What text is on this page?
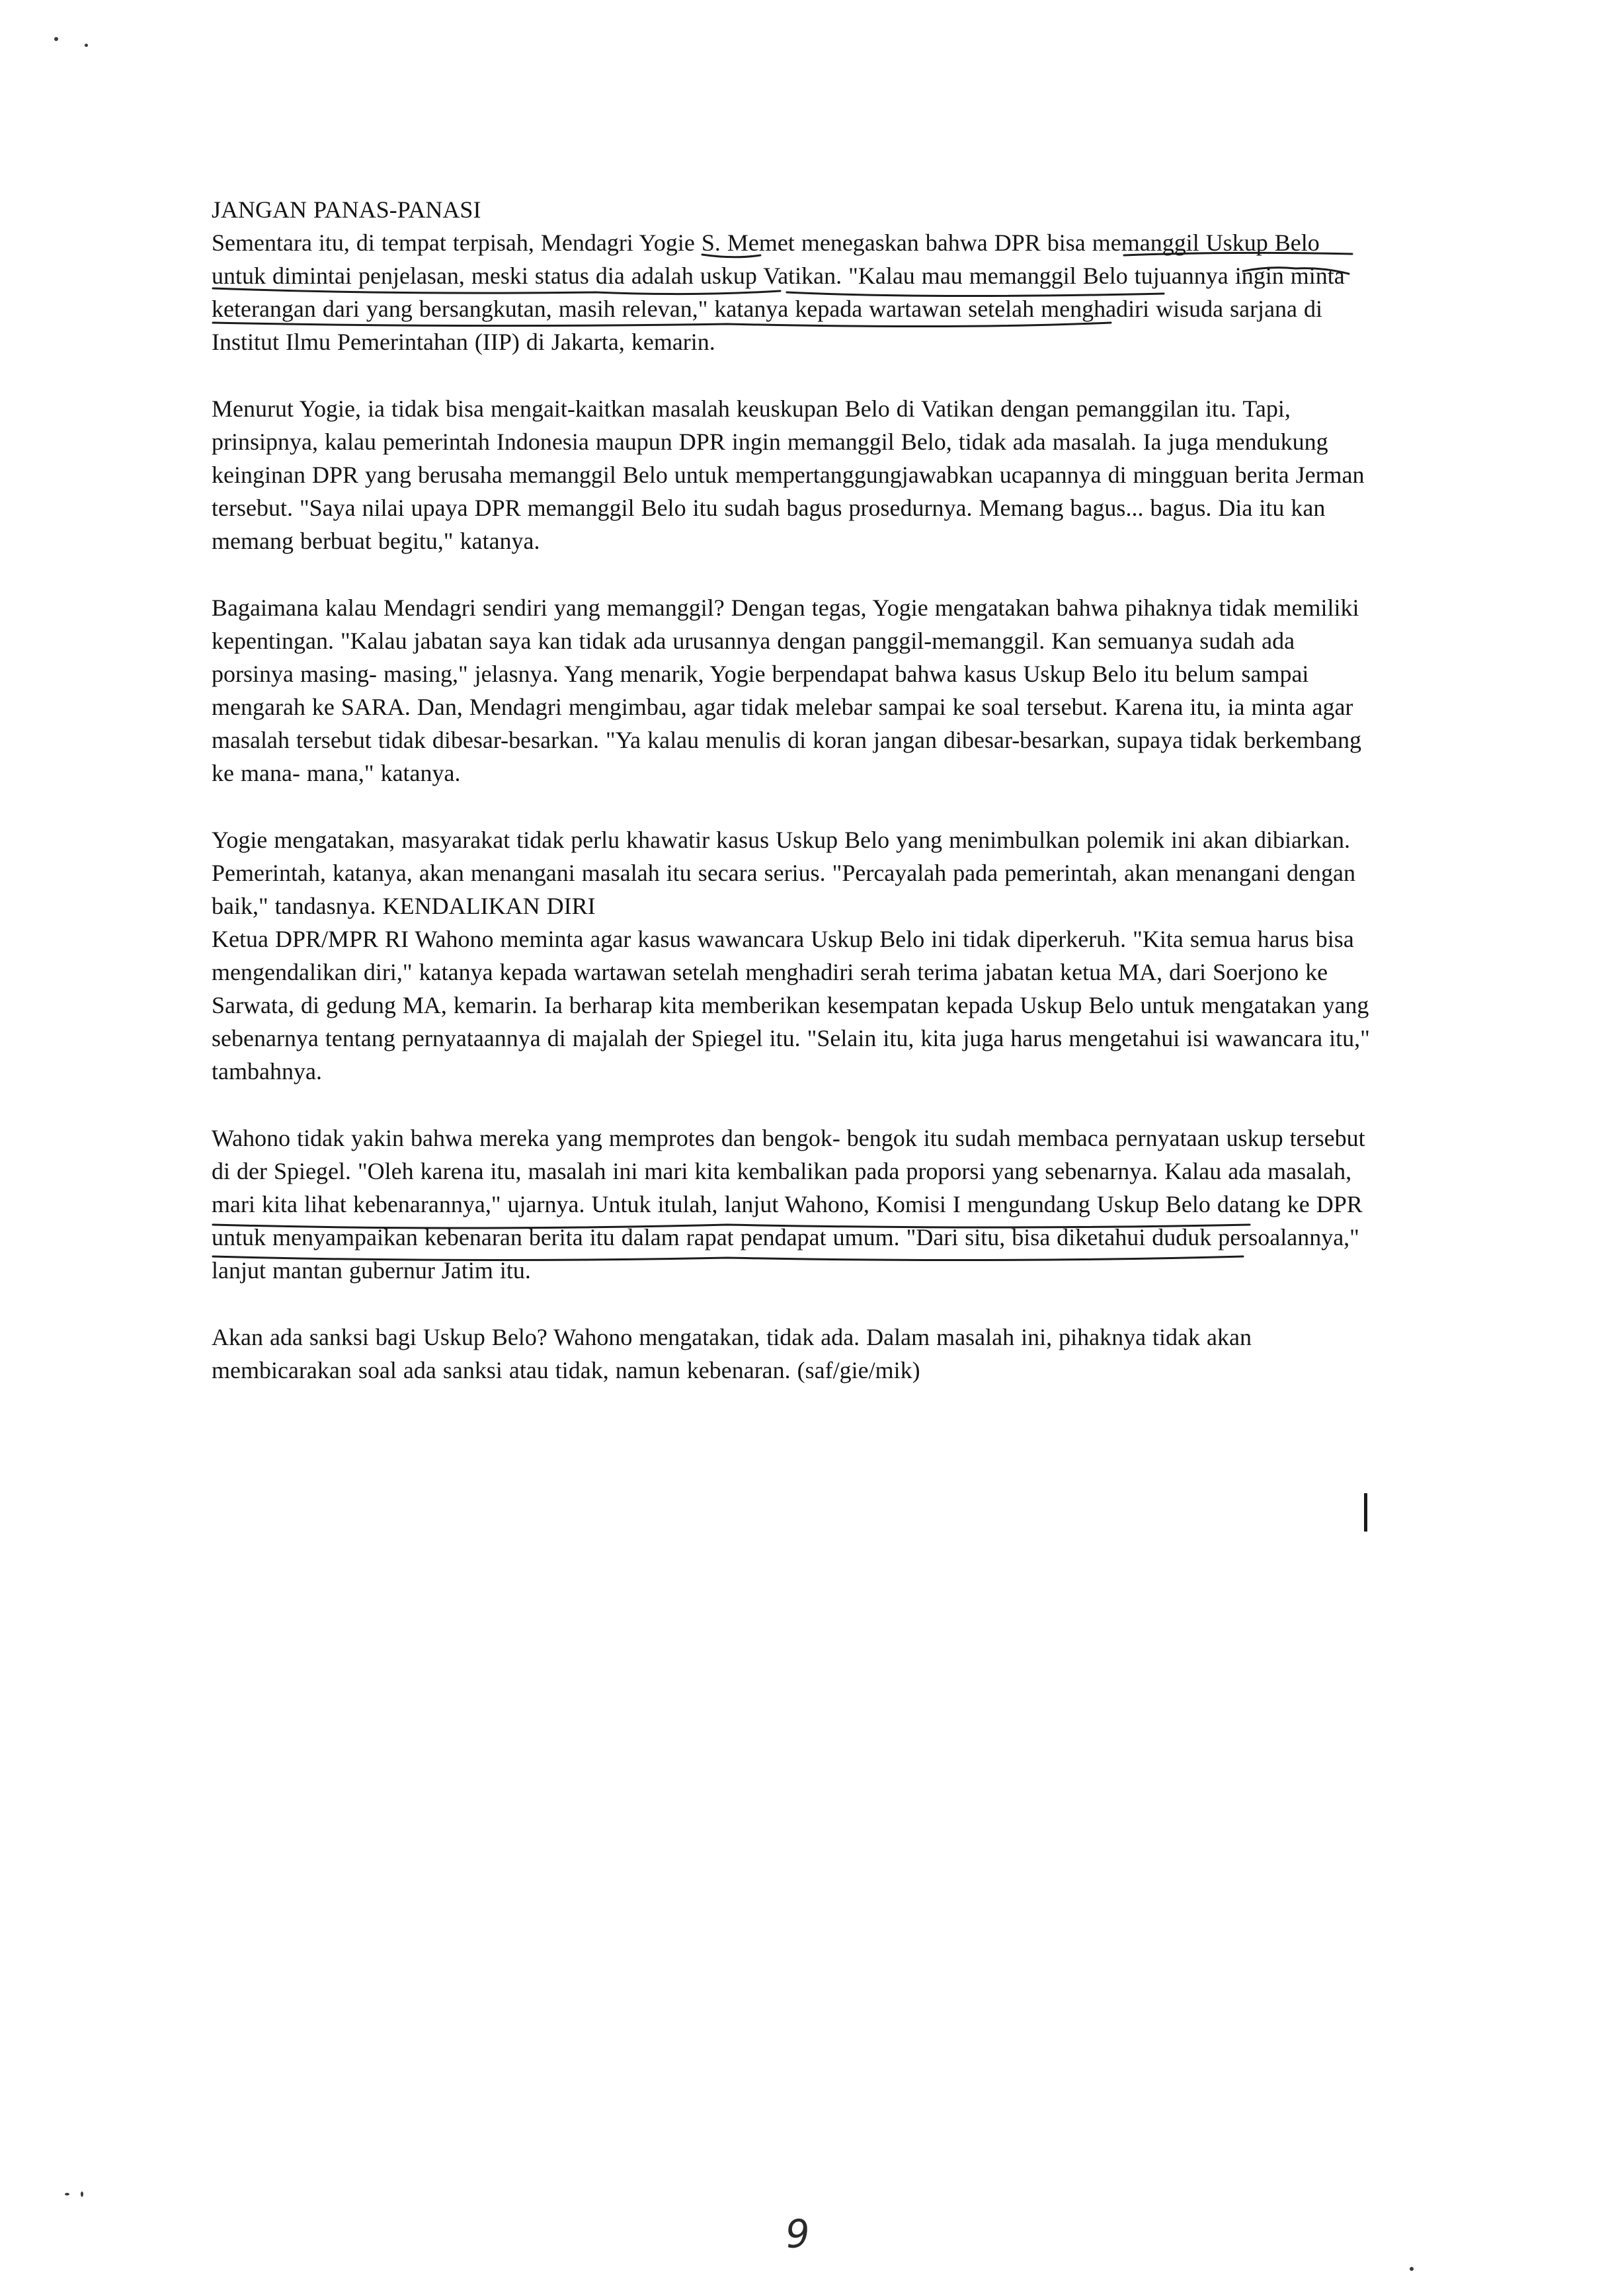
JANGAN PANAS-PANASI

Sementara itu, di tempat terpisah, Mendagri Yogie S. Memet menegaskan bahwa DPR bisa memanggil Uskup Belo untuk dimintai penjelasan, meski status dia adalah uskup Vatikan. "Kalau mau memanggil Belo tujuannya ingin minta keterangan dari yang bersangkutan, masih relevan," katanya kepada wartawan setelah menghadiri wisuda sarjana di Institut Ilmu Pemerintahan (IIP) di Jakarta, kemarin.

Menurut Yogie, ia tidak bisa mengait-kaitkan masalah keuskupan Belo di Vatikan dengan pemanggilan itu. Tapi, prinsipnya, kalau pemerintah Indonesia maupun DPR ingin memanggil Belo, tidak ada masalah. Ia juga mendukung keinginan DPR yang berusaha memanggil Belo untuk mempertanggungjawabkan ucapannya di mingguan berita Jerman tersebut. "Saya nilai upaya DPR memanggil Belo itu sudah bagus prosedurnya. Memang bagus... bagus. Dia itu kan memang berbuat begitu," katanya.

Bagaimana kalau Mendagri sendiri yang memanggil? Dengan tegas, Yogie mengatakan bahwa pihaknya tidak memiliki kepentingan. "Kalau jabatan saya kan tidak ada urusannya dengan panggil-memanggil. Kan semuanya sudah ada porsinya masing- masing," jelasnya. Yang menarik, Yogie berpendapat bahwa kasus Uskup Belo itu belum sampai mengarah ke SARA. Dan, Mendagri mengimbau, agar tidak melebar sampai ke soal tersebut. Karena itu, ia minta agar masalah tersebut tidak dibesar-besarkan. "Ya kalau menulis di koran jangan dibesar-besarkan, supaya tidak berkembang ke mana- mana," katanya.

Yogie mengatakan, masyarakat tidak perlu khawatir kasus Uskup Belo yang menimbulkan polemik ini akan dibiarkan. Pemerintah, katanya, akan menangani masalah itu secara serius. "Percayalah pada pemerintah, akan menangani dengan baik," tandasnya. KENDALIKAN DIRI
Ketua DPR/MPR RI Wahono meminta agar kasus wawancara Uskup Belo ini tidak diperkeruh. "Kita semua harus bisa mengendalikan diri," katanya kepada wartawan setelah menghadiri serah terima jabatan ketua MA, dari Soerjono ke Sarwata, di gedung MA, kemarin. Ia berharap kita memberikan kesempatan kepada Uskup Belo untuk mengatakan yang sebenarnya tentang pernyataannya di majalah der Spiegel itu. "Selain itu, kita juga harus mengetahui isi wawancara itu," tambahnya.

Wahono tidak yakin bahwa mereka yang memprotes dan bengok- bengok itu sudah membaca pernyataan uskup tersebut di der Spiegel. "Oleh karena itu, masalah ini mari kita kembalikan pada proporsi yang sebenarnya. Kalau ada masalah, mari kita lihat kebenarannya," ujarnya. Untuk itulah, lanjut Wahono, Komisi I mengundang Uskup Belo datang ke DPR untuk menyampaikan kebenaran berita itu dalam rapat pendapat umum. "Dari situ, bisa diketahui duduk persoalannya," lanjut mantan gubernur Jatim itu.

Akan ada sanksi bagi Uskup Belo? Wahono mengatakan, tidak ada. Dalam masalah ini, pihaknya tidak akan membicarakan soal ada sanksi atau tidak, namun kebenaran. (saf/gie/mik)

9
